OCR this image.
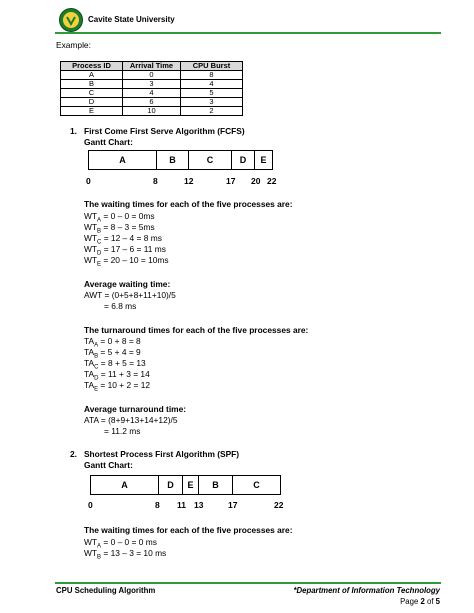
Cavite State University
Example:
Process ID	Arrival Time	CPU Burst
A	0	8
B	3	4
C	4	5
D	6	3
E	10	2
1.   First Come First Serve Algorithm (FCFS)
Gantt Chart:
A	B	C	D	E
0	8	12	17 20 22
The waiting times for each of the five processes are:
$WT_A = 0 - 0 = 0ms$
$WT_B = 8 - 3 = 5ms$
$WT_C = 12 - 4 = 8$ ms
$WT_D = 17 - 6 = 11$ ms
$WT_E = 20 - 10 = 10ms$
Average waiting time:
AWT = (0+5+8+11+10)/5
= 6.8 ms
The turnaround times for each of the five processes are:
$TA_A = 0 + 8 = 8$
$TA_B = 5 + 4 = 9$
$TA_C = 8 + 5 = 13$
$TA_D = 11 + 3 = 14$
$TA_E = 10 + 2 = 12$
Average turnaround time:
ATA = (8+9+13+14+12)/5
= 11.2 ms
2.   Shortest Process First Algorithm (SPF)
Gantt Chart:
A	D	E	B	C
0	8 11 13	17	22
The waiting times for each of the five processes are:
$WT_A = 0 - 0 = 0$ ms
$WT_B = 13 - 3 = 10$ ms
CPU Scheduling Algorithm	*Department of Information Technology
Page 2 of 5
